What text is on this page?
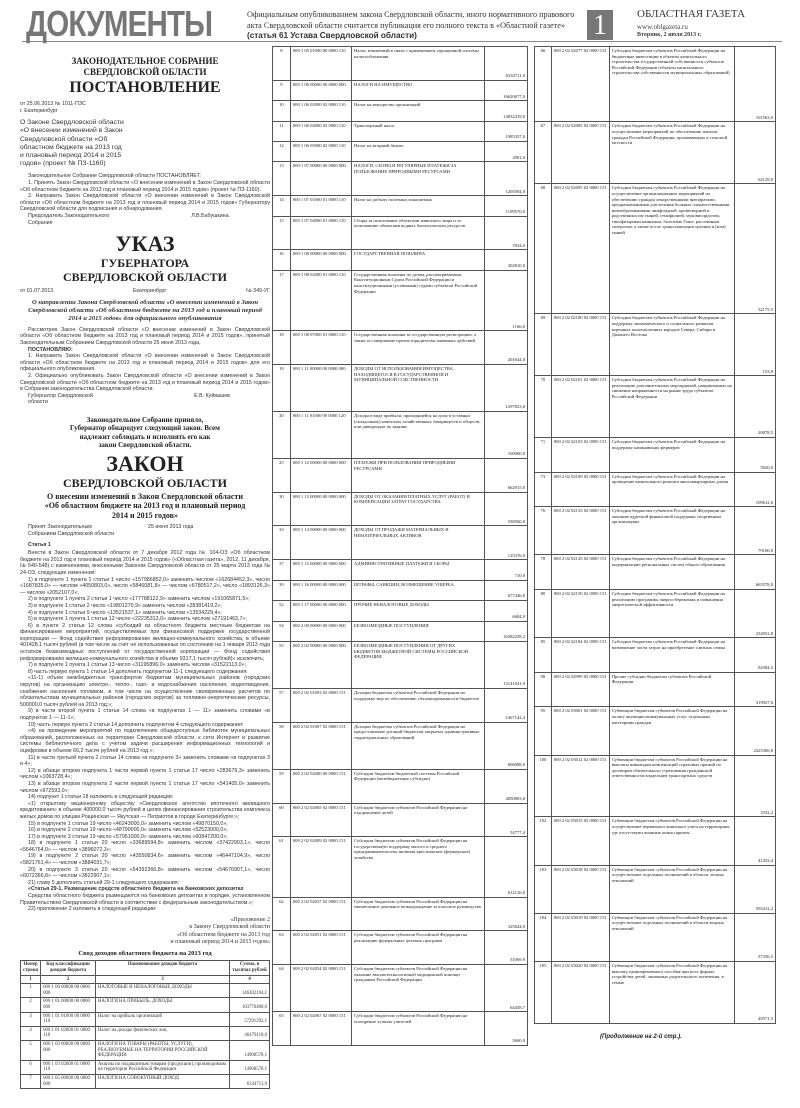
ДОКУМЕНТЫ	Официальным опубликованием закона Свердловской области, иного нормативного правового акта Свердловской области считается публикация его полного текста в «Областной газете» (статья 61 Устава Свердловской области)	1	ОБЛАСТНАЯ ГАЗЕТА
www.oblgazeta.ru
Вторник, 2 июля 2013 г.
ЗАКОНОДАТЕЛЬНОЕ СОБРАНИЕ
СВЕРДЛОВСКОЙ ОБЛАСТИ
ПОСТАНОВЛЕНИЕ
от 25.06.2013 № 1011-ПЗС
г. Екатеринбург
О Законе Свердловской области «О внесении изменений в Закон Свердловской области «Об областном бюджете на 2013 год и плановый период 2014 и 2015 годов» (проект № ПЗ-1160)
Законодательное Собрание Свердловской области ПОСТАНОВЛЯЕТ:
1. Принять Закон Свердловской области «О внесении изменений в Закон Свердловской области «Об областном бюджете на 2013 год и плановый период 2014 и 2015 годов» (проект № ПЗ-1160).
2. Направить Закон Свердловской области «О внесении изменений в Закон Свердловской области «Об областном бюджете на 2013 год и плановый период 2014 и 2015 годов» Губернатору Свердловской области для подписания и обнародования.
Председатель Законодательного Собрания
Л.В.Бабушкина.
УКАЗ
ГУБЕРНАТОРА
СВЕРДЛОВСКОЙ ОБЛАСТИ
от 01.07.2013	Екатеринбург	№ 349-УГ
О направлении Закона Свердловской области «О внесении изменений в Закон Свердловской области «Об областном бюджете на 2013 год и плановый период 2014 и 2015 годов» для официального опубликования
Рассмотрев Закон Свердловской области «О внесении изменений в Закон Свердловской области «Об областном бюджете на 2013 год и плановый период 2014 и 2015 годов», принятый Законодательным Собранием Свердловской области 25 июня 2013 года,
ПОСТАНОВЛЯЮ:
1. Направить Закон Свердловской области «О внесении изменений в Закон Свердловской области «Об областном бюджете на 2013 год и плановый период 2014 и 2015 годов» для его официального опубликования.
2. Официально опубликовать Закон Свердловской области «О внесении изменений в Закон Свердловской области «Об областном бюджете на 2013 год и плановый период 2014 и 2015 годов» в Собрании законодательства Свердловской области.
Губернатор Свердловской области
Е.В. Куйвашев
Законодательное Собрание приняло, Губернатор обнародует следующий закон. Всем надлежит соблюдать и исполнять его как закон Свердловской области.
ЗАКОН
СВЕРДЛОВСКОЙ ОБЛАСТИ
О внесении изменений в Закон Свердловской области «Об областном бюджете на 2013 год и плановый период 2014 и 2015 годов»
Принят Законодательным Собранием Свердловской области
25 июня 2013 года
Статья 1
Внести в Закон Свердловской области от 7 декабря 2012 года № 104-ОЗ «Об областном бюджете на 2013 год и плановый период 2014 и 2015 годов» («Областная газета», 2012, 11 декабря, № 540-548) с изменениями, внесенными Законом Свердловской области от 25 марта 2013 года № 24-ОЗ, следующие изменения:
1) в подпункте 1 пункта 1 статьи 1 число «157986852,0» заменить числом «162684452,3», число «1687835,0» — числом «4050803,0», число «5846081,8» — числом «6780517,2», число «1893126,3» — числом «2052107,0»;
2) в подпункте 1 пункта 2 статьи 1 число «177788122,9» заменить числом «191065871,5»;
3) в подпункте 1 статьи 2 число «19801270,9» заменить числом «28381419,2»;
4) в подпункте 1 статьи 9 число «13521537,1» заменить числом «13534229,4»;
5) в подпункте 1 пункта 1 статьи 12 число «22235313,0» заменить числом «27191463,7»;
6) в пункте 2 статьи 12 слова «субсидий из областного бюджета местным бюджетам на финансирование мероприятий, осуществляемых при финансовой поддержке государственной корпорации — Фонд содействия реформированию жилищно-коммунального хозяйства, в объеме 401428,1 тысяч рублей (в том числе за счет не использованных по состоянию на 1 января 2013 года остатков безвозмездных поступлений от государственной корпорации — Фонд содействия реформированию жилищно-коммунального хозяйства в объеме 9317,1 тысяч рублей)» исключить;
7) в подпункте 1 пункта 1 статьи 13 число «31195896,0» заменить числом «31522113,0»;
8) часть первую пункта 1 статьи 14 дополнить подпунктом 11-1 следующего содержания:
«11-1) объем межбюджетных трансфертов бюджетам муниципальных районов (городских округов) на организацию электро-, тепло-, газо- и водоснабжения населения, водоотведения, снабжения населения топливом, в том числе на осуществление своевременных расчетов по обязательствам муниципальных районов (городских округов) за топливно-энергетические ресурсы, 500000,0 тысяч рублей на 2013 год;»;
9) в части второй пункта 1 статьи 14 слова «в подпунктах 1 — 11» заменить словами «в подпунктах 1 — 11-1»;
10) часть первую пункта 2 статьи 14 дополнить подпунктом 4 следующего содержания:
«4) на проведение мероприятий по подключению общедоступных библиотек муниципальных образований, расположенных на территории Свердловской области, к сети Интернет и развитие системы библиотечного дела с учетом задачи расширения информационных технологий и оцифровки в объеме 66,2 тысяч рублей на 2013 год.»;
11) в части третьей пункта 2 статьи 14 слова «в подпункте 3» заменить словами «в подпунктах 3 и 4»;
12) в абзаце втором подпункта 1 части первой пункта 1 статьи 17 число «283679,3» заменить числом «1063728,4»;
13) в абзаце втором подпункта 2 части первой пункта 1 статьи 17 число «541405,0» заменить числом «972593,0»;
14) подпункт 1 статьи 18 изложить в следующей редакции:
«1) открытому акционерному обществу «Свердловское агентство ипотечного жилищного кредитования» в объеме 400000,0 тысяч рублей в целях финансирования строительства комплекса жилых домов по улицам Рощинская — Якутская — Патриотов в городе Екатеринбурге;»;
15) в подпункте 1 статьи 19 число «46243000,0» заменить числом «49870150,0»;
16) в подпункте 2 статьи 19 число «48790000,0» заменить числом «52523000,0»;
17) в подпункте 3 статьи 19 число «57951000,0» заменить числом «60847200,0»;
18) в подпункте 1 статьи 20 число «33689594,8» заменить числом «37422903,1», число «5646764,0» — числом «3896072,3»;
19) в подпункте 2 статьи 20 число «43550834,6» заменить числом «46447104,9», число «5821761,4» — числом «3884031,7»;
20) в подпункте 3 статьи 20 число «54392366,8» заменить числом «54676907,1», число «6072366,8» — числом «3822907,1»;
21) главу 5 дополнить статьей 29-1 следующего содержания:
«Статья 29-1. Размещение средств областного бюджета на банковских депозитах
Средства областного бюджета размещаются на банковских депозитах в порядке, установленном Правительством Свердловской области в соответствии с федеральным законодательством.»;
22) приложение 2 изложить в следующей редакции:
«Приложение 2
к Закону Свердловской области
«Об областном бюджете на 2013 год
и плановый период 2014 и 2015 годов»
Свод доходов областного бюджета на 2013 год
Номер строки	Код классификации доходов бюджета	Наименование доходов бюджета	Сумма, в тысячах рублей
1	2	3	4
1	000 1 00 00000 00 0000 000	НАЛОГОВЫЕ И НЕНАЛОГОВЫЕ ДОХОДЫ	146302194,1
2	000 1 01 00000 00 0000 000	НАЛОГИ НА ПРИБЫЛЬ, ДОХОДЫ	103776400,0
3	000 1 01 01000 00 0000 110	Налог на прибыль организаций	57291292,1
4	000 1 01 02000 01 0000 110	Налог на доходы физических лиц	46479118,0
5	000 1 03 00000 00 0000 000	НАЛОГИ НА ТОВАРЫ (РАБОТЫ, УСЛУГИ), РЕАЛИЗУЕМЫЕ НА ТЕРРИТОРИИ РОССИЙСКОЙ ФЕДЕРАЦИИ	14908578,1
6	000 1 03 02000 01 0000 110	Акцизы по подакцизным товарам (продукции), производимым на территории Российской Федерации	14908578,1
7	000 1 05 00000 00 0000 000	НАЛОГИ НА СОВОКУПНЫЙ ДОХОД	6334711,0
8	000 1 05 01000 00 0000 110	Налог, взимаемый в связи с применением упрощенной системы налогообложения	6334711,0
9	000 1 06 00000 00 0000 000	НАЛОГИ НА ИМУЩЕСТВО	16620677,0
10	000 1 06 02000 02 0000 110	Налог на имущество организаций	14832419,0
11	000 1 06 04000 02 0000 110	Транспортный налог	1985357,0
12	000 1 06 05000 02 0000 110	Налог на игорный бизнес	2901,0
13	000 1 07 00000 00 0000 000	НАЛОГИ, СБОРЫ И РЕГУЛЯРНЫЕ ПЛАТЕЖИ ЗА ПОЛЬЗОВАНИЕ ПРИРОДНЫМИ РЕСУРСАМИ	1205504,0
14	000 1 07 01000 01 0000 110	Налог на добычу полезных ископаемых	1199570,0
15	000 1 07 04000 01 0000 110	Сборы за пользование объектами животного мира и за пользование объектами водных биологических ресурсов	5934,0
16	000 1 08 00000 00 0000 000	ГОСУДАРСТВЕННАЯ ПОШЛИНА	202810,0
17	000 1 08 02000 01 0000 110	Государственная пошлина по делам, рассматриваемым Конституционным Судом Российской Федерации и конституционными (уставными) судами субъектов Российской Федерации	1166,0
18	000 1 08 07000 01 0000 110	Государственная пошлина за государственную регистрацию, а также за совершение прочих юридически значимых действий	201644,0
19	000 1 11 00000 00 0000 000	ДОХОДЫ ОТ ИСПОЛЬЗОВАНИЯ ИМУЩЕСТВА, НАХОДЯЩЕГОСЯ В ГОСУДАРСТВЕННОЙ И МУНИЦИПАЛЬНОЙ СОБСТВЕННОСТИ	1297823,0
20	000 1 11 01000 00 0000 120	Доходы в виде прибыли, приходящейся на доли в уставных (складочных) капиталах хозяйственных товариществ и обществ, или дивидендов по акциям	100000,0
25	000 1 12 00000 00 0000 000	ПЛАТЕЖИ ПРИ ПОЛЬЗОВАНИИ ПРИРОДНЫМИ РЕСУРСАМИ	662915,0
30	000 1 13 00000 00 0000 000	ДОХОДЫ ОТ ОКАЗАНИЯ ПЛАТНЫХ УСЛУГ (РАБОТ) И КОМПЕНСАЦИИ ЗАТРАТ ГОСУДАРСТВА	338560,0
33	000 1 14 00000 00 0000 000	ДОХОДЫ ОТ ПРОДАЖИ МАТЕРИАЛЬНЫХ И НЕМАТЕРИАЛЬНЫХ АКТИВОВ	125376,0
37	000 1 15 00000 00 0000 000	АДМИНИСТРАТИВНЫЕ ПЛАТЕЖИ И СБОРЫ	710,0
39	000 1 16 00000 00 0000 000	ШТРАФЫ, САНКЦИИ, ВОЗМЕЩЕНИЕ УЩЕРБА	677446,0
52	000 1 17 00000 00 0000 000	ПРОЧИЕ НЕНАЛОГОВЫЕ ДОХОДЫ	6684,0
54	000 2 00 00000 00 0000 000	БЕЗВОЗМЕЗДНЫЕ ПОСТУПЛЕНИЯ	16382258,2
55	000 2 02 00000 00 0000 000	БЕЗВОЗМЕЗДНЫЕ ПОСТУПЛЕНИЯ ОТ ДРУГИХ БЮДЖЕТОВ БЮДЖЕТНОЙ СИСТЕМЫ РОССИЙСКОЙ ФЕДЕРАЦИИ	15141041,9
57	000 2 02 01003 02 0000 151	Дотации бюджетам субъектов Российской Федерации на поддержку мер по обеспечению сбалансированности бюджетов	1467142,4
58	000 2 02 01007 02 0000 151	Дотации бюджетам субъектов Российской Федерации на предоставление дотаций бюджетам закрытых административно-территориальных образований	606088,0
59	000 2 02 02000 00 0000 151	Субсидии бюджетам бюджетной системы Российской Федерации (межбюджетные субсидии)	4050803,0
60	000 2 02 02005 02 0000 151	Субсидии бюджетам субъектов Российской Федерации на оздоровление детей	54777,4
61	000 2 02 02009 02 0000 151	Субсидии бюджетам субъектов Российской Федерации на государственную поддержку малого и среднего предпринимательства, включая крестьянские (фермерские) хозяйства	612126,0
62	000 2 02 02037 02 0000 151	Субсидии бюджетам субъектов Российской Федерации на ежемесячное денежное вознаграждение за классное руководство	325644,0
63	000 2 02 02051 02 0000 151	Субсидии бюджетам субъектов Российской Федерации на реализацию федеральных целевых программ	51069,9
64	000 2 02 02054 02 0000 151	Субсидии бюджетам субъектов Российской Федерации на оказание высокотехнологичной медицинской помощи гражданам Российской Федерации	64458,7
65	000 2 02 02067 02 0000 151	Субсидии бюджетам субъектов Российской Федерации на поощрение лучших учителей	5600,0
66	000 2 02 02077 02 0000 151	Субсидии бюджетам субъектов Российской Федерации на бюджетные инвестиции в объекты капитального строительства государственной собственности субъектов Российской Федерации (объекты капитального строительства собственности муниципальных образований)	101563,0
67	000 2 02 02085 02 0000 151	Субсидии бюджетам субъектов Российской Федерации на осуществление мероприятий по обеспечению жильем граждан Российской Федерации, проживающих в сельской местности	62129,0
68	000 2 02 02095 02 0000 151	Субсидии бюджетам субъектов Российской Федерации на осуществление организационных мероприятий по обеспечению граждан лекарственными препаратами, предназначенными для лечения больных злокачественными новообразованиями лимфоидной, кроветворной и родственных им тканей, гемофилией, муковисцидозом, гипофизарным нанизмом, болезнью Гоше, рассеянным склерозом, а также после трансплантации органов и (или) тканей	32175,5
69	000 2 02 02100 02 0000 151	Субсидии бюджетам субъектов Российской Федерации на поддержку экономического и социального развития коренных малочисленных народов Севера, Сибири и Дальнего Востока	153,8
70	000 2 02 02101 02 0000 151	Субсидии бюджетам субъектов Российской Федерации на реализацию дополнительных мероприятий, направленных на снижение напряженности на рынке труда субъектов Российской Федерации	20078,5
71	000 2 02 02103 02 0000 151	Субсидии бюджетам субъектов Российской Федерации на поддержку начинающих фермеров	5020,0
73	000 2 02 02109 02 0000 151	Субсидии бюджетам субъектов Российской Федерации на проведение капитального ремонта многоквартирных домов	109612,6
76	000 2 02 02133 02 0000 151	Субсидии бюджетам субъектов Российской Федерации на оказание адресной финансовой поддержки спортивным организациям	79100,0
78	000 2 02 02145 02 0000 151	Субсидии бюджетам субъектов Российской Федерации на модернизацию региональных систем общего образования	665578,0
80	000 2 02 02150 02 0000 151	Субсидии бюджетам субъектов Российской Федерации на реализацию программы энергосбережения и повышения энергетической эффективности	234952,8
85	000 2 02 02184 02 0000 151	Субсидии бюджетам субъектов Российской Федерации на возмещение части затрат на приобретение элитных семян	84384,5
90	000 2 02 02999 02 0000 151	Прочие субсидии бюджетам субъектов Российской Федерации	319927,6
95	000 2 02 03001 02 0000 151	Субвенции бюджетам субъектов Российской Федерации на оплату жилищно-коммунальных услуг отдельным категориям граждан	2425306,8
100	000 2 02 03012 02 0000 151	Субвенции бюджетам субъектов Российской Федерации на выплаты инвалидам компенсаций страховых премий по договорам обязательного страхования гражданской ответственности владельцев транспортных средств	3332,2
102	000 2 02 03015 02 0000 151	Субвенции бюджетам субъектов Российской Федерации на осуществление первичного воинского учета на территориях, где отсутствуют военные комиссариаты	41453,4
103	000 2 02 03018 02 0000 151	Субвенции бюджетам субъектов Российской Федерации на осуществление отдельных полномочий в области лесных отношений	503412,2
104	000 2 02 03019 02 0000 151	Субвенции бюджетам субъектов Российской Федерации на осуществление отдельных полномочий в области водных отношений	37356,5
105	000 2 02 03020 02 0000 151	Субвенции бюджетам субъектов Российской Федерации на выплату единовременного пособия при всех формах устройства детей, лишенных родительского попечения, в семью	49571,5
(Продолжение на 2-й стр.).
